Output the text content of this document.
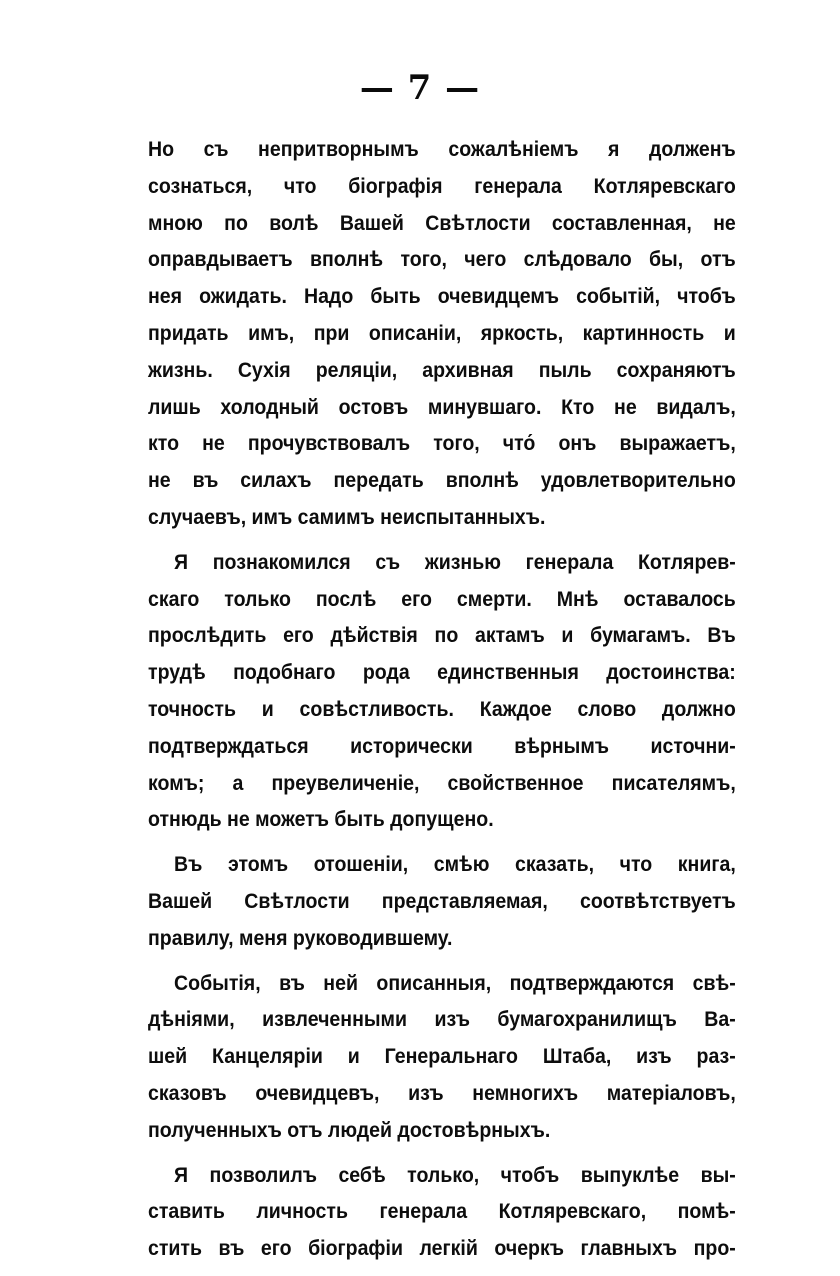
— 7 —
Но съ непритворнымъ сожалѣніемъ я долженъ
сознаться, что біографія генерала Котляревскаго
мною по волѣ Вашей Свѣтлости составленная, не
оправдываетъ вполнѣ того, чего слѣдовало бы, отъ
нея ожидать. Надо быть очевидцемъ событій, чтобъ
придать имъ, при описаніи, яркость, картинность и
жизнь. Сухія реляціи, архивная пыль сохраняютъ
лишь холодный остовъ минувшаго. Кто не видалъ,
кто не прочувствовалъ того, что́ онъ выражаетъ,
не въ силахъ передать вполнѣ удовлетворительно
случаевъ, имъ самимъ неиспытанныхъ.
Я познакомился съ жизнью генерала Котлярев-
скаго только послѣ его смерти. Мнѣ оставалось
прослѣдить его дѣйствія по актамъ и бумагамъ. Въ
трудѣ подобнаго рода единственныя достоинства:
точность и совѣстливость. Каждое слово должно
подтверждаться исторически вѣрнымъ источни-
комъ; а преувеличеніе, свойственное писателямъ,
отнюдь не можетъ быть допущено.
Въ этомъ отошеніи, смѣю сказать, что книга,
Вашей Свѣтлости представляемая, соотвѣтствуетъ
правилу, меня руководившему.
Событія, въ ней описанныя, подтверждаются свѣ-
дѣніями, извлеченными изъ бумагохранилищъ Ва-
шей Канцеляріи и Генеральнаго Штаба, изъ раз-
сказовъ очевидцевъ, изъ немногихъ матеріаловъ,
полученныхъ отъ людей достовѣрныхъ.
Я позволилъ себѣ только, чтобъ выпуклѣе вы-
ставить личность генерала Котляревскаго, помѣ-
стить въ его біографіи легкій очеркъ главныхъ про-
